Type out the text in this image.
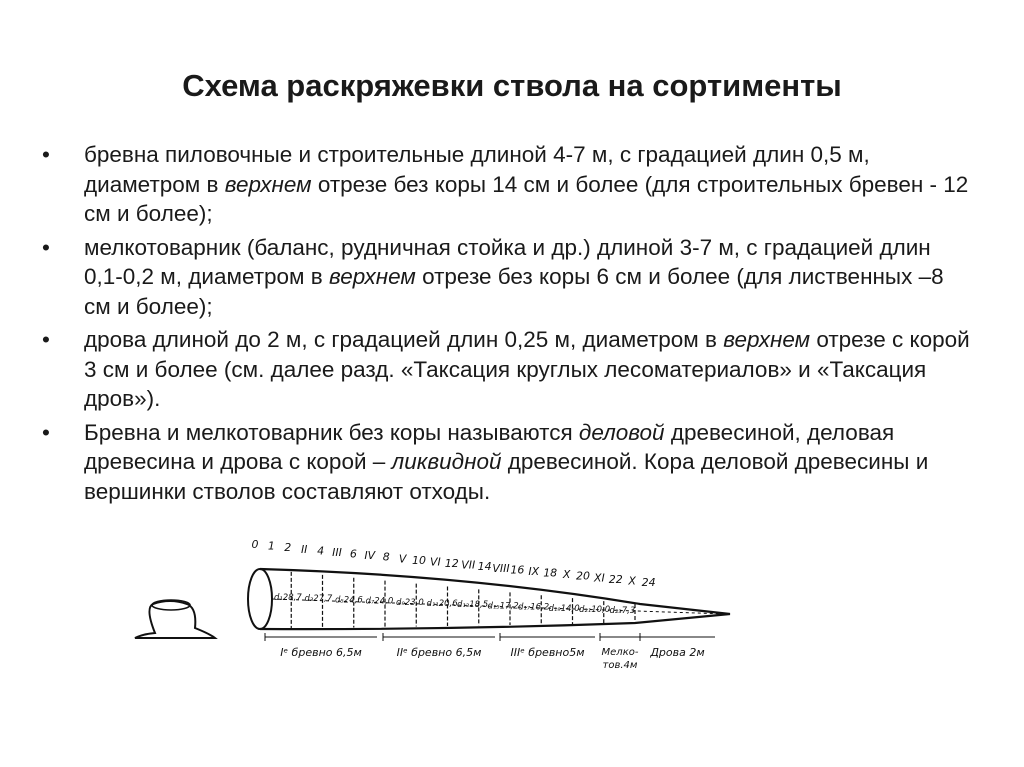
Схема раскряжевки ствола на сортименты
• бревна пиловочные и строительные длиной 4-7 м, с градацией длин 0,5 м, диаметром в верхнем отрезе без коры 14 см и более (для строительных бревен - 12 см и более);
• мелкотоварник (баланс, рудничная стойка и др.) длиной 3-7 м, с градацией длин 0,1-0,2 м, диаметром в верхнем отрезе без коры 6 см и более (для лиственных –8 см и более);
• дрова длиной до 2 м, с градацией длин 0,25 м, диаметром в верхнем отрезе с корой 3 см и более (см. далее разд. «Таксация круглых лесоматериалов» и «Таксация дров»).
• Бревна и мелкотоварник без коры называются деловой древесиной, деловая древесина и дрова с корой – ликвидной древесиной. Кора деловой древесины и вершинки стволов составляют отходы.
0 1 2 II 4 III 6 IV 8 V 10 VI 12 VII 14 VIII 16 IX 18 X 20 XI 22 X 24
d₁28,7 d₃27,7 d₅24,6 d₇24,0 d₉23,0 d₁₁20,6 d₁₃18,5 d₁₅17,2 d₁₇16,2 d₁₉14,0 d₂₁10,0 d₂₃7,3
Iᵉ бревно 6,5м	IIᵉ бревно 6,5м	IIIᵉ бревно5м Мелко-тов.4м
Дрова 2м
